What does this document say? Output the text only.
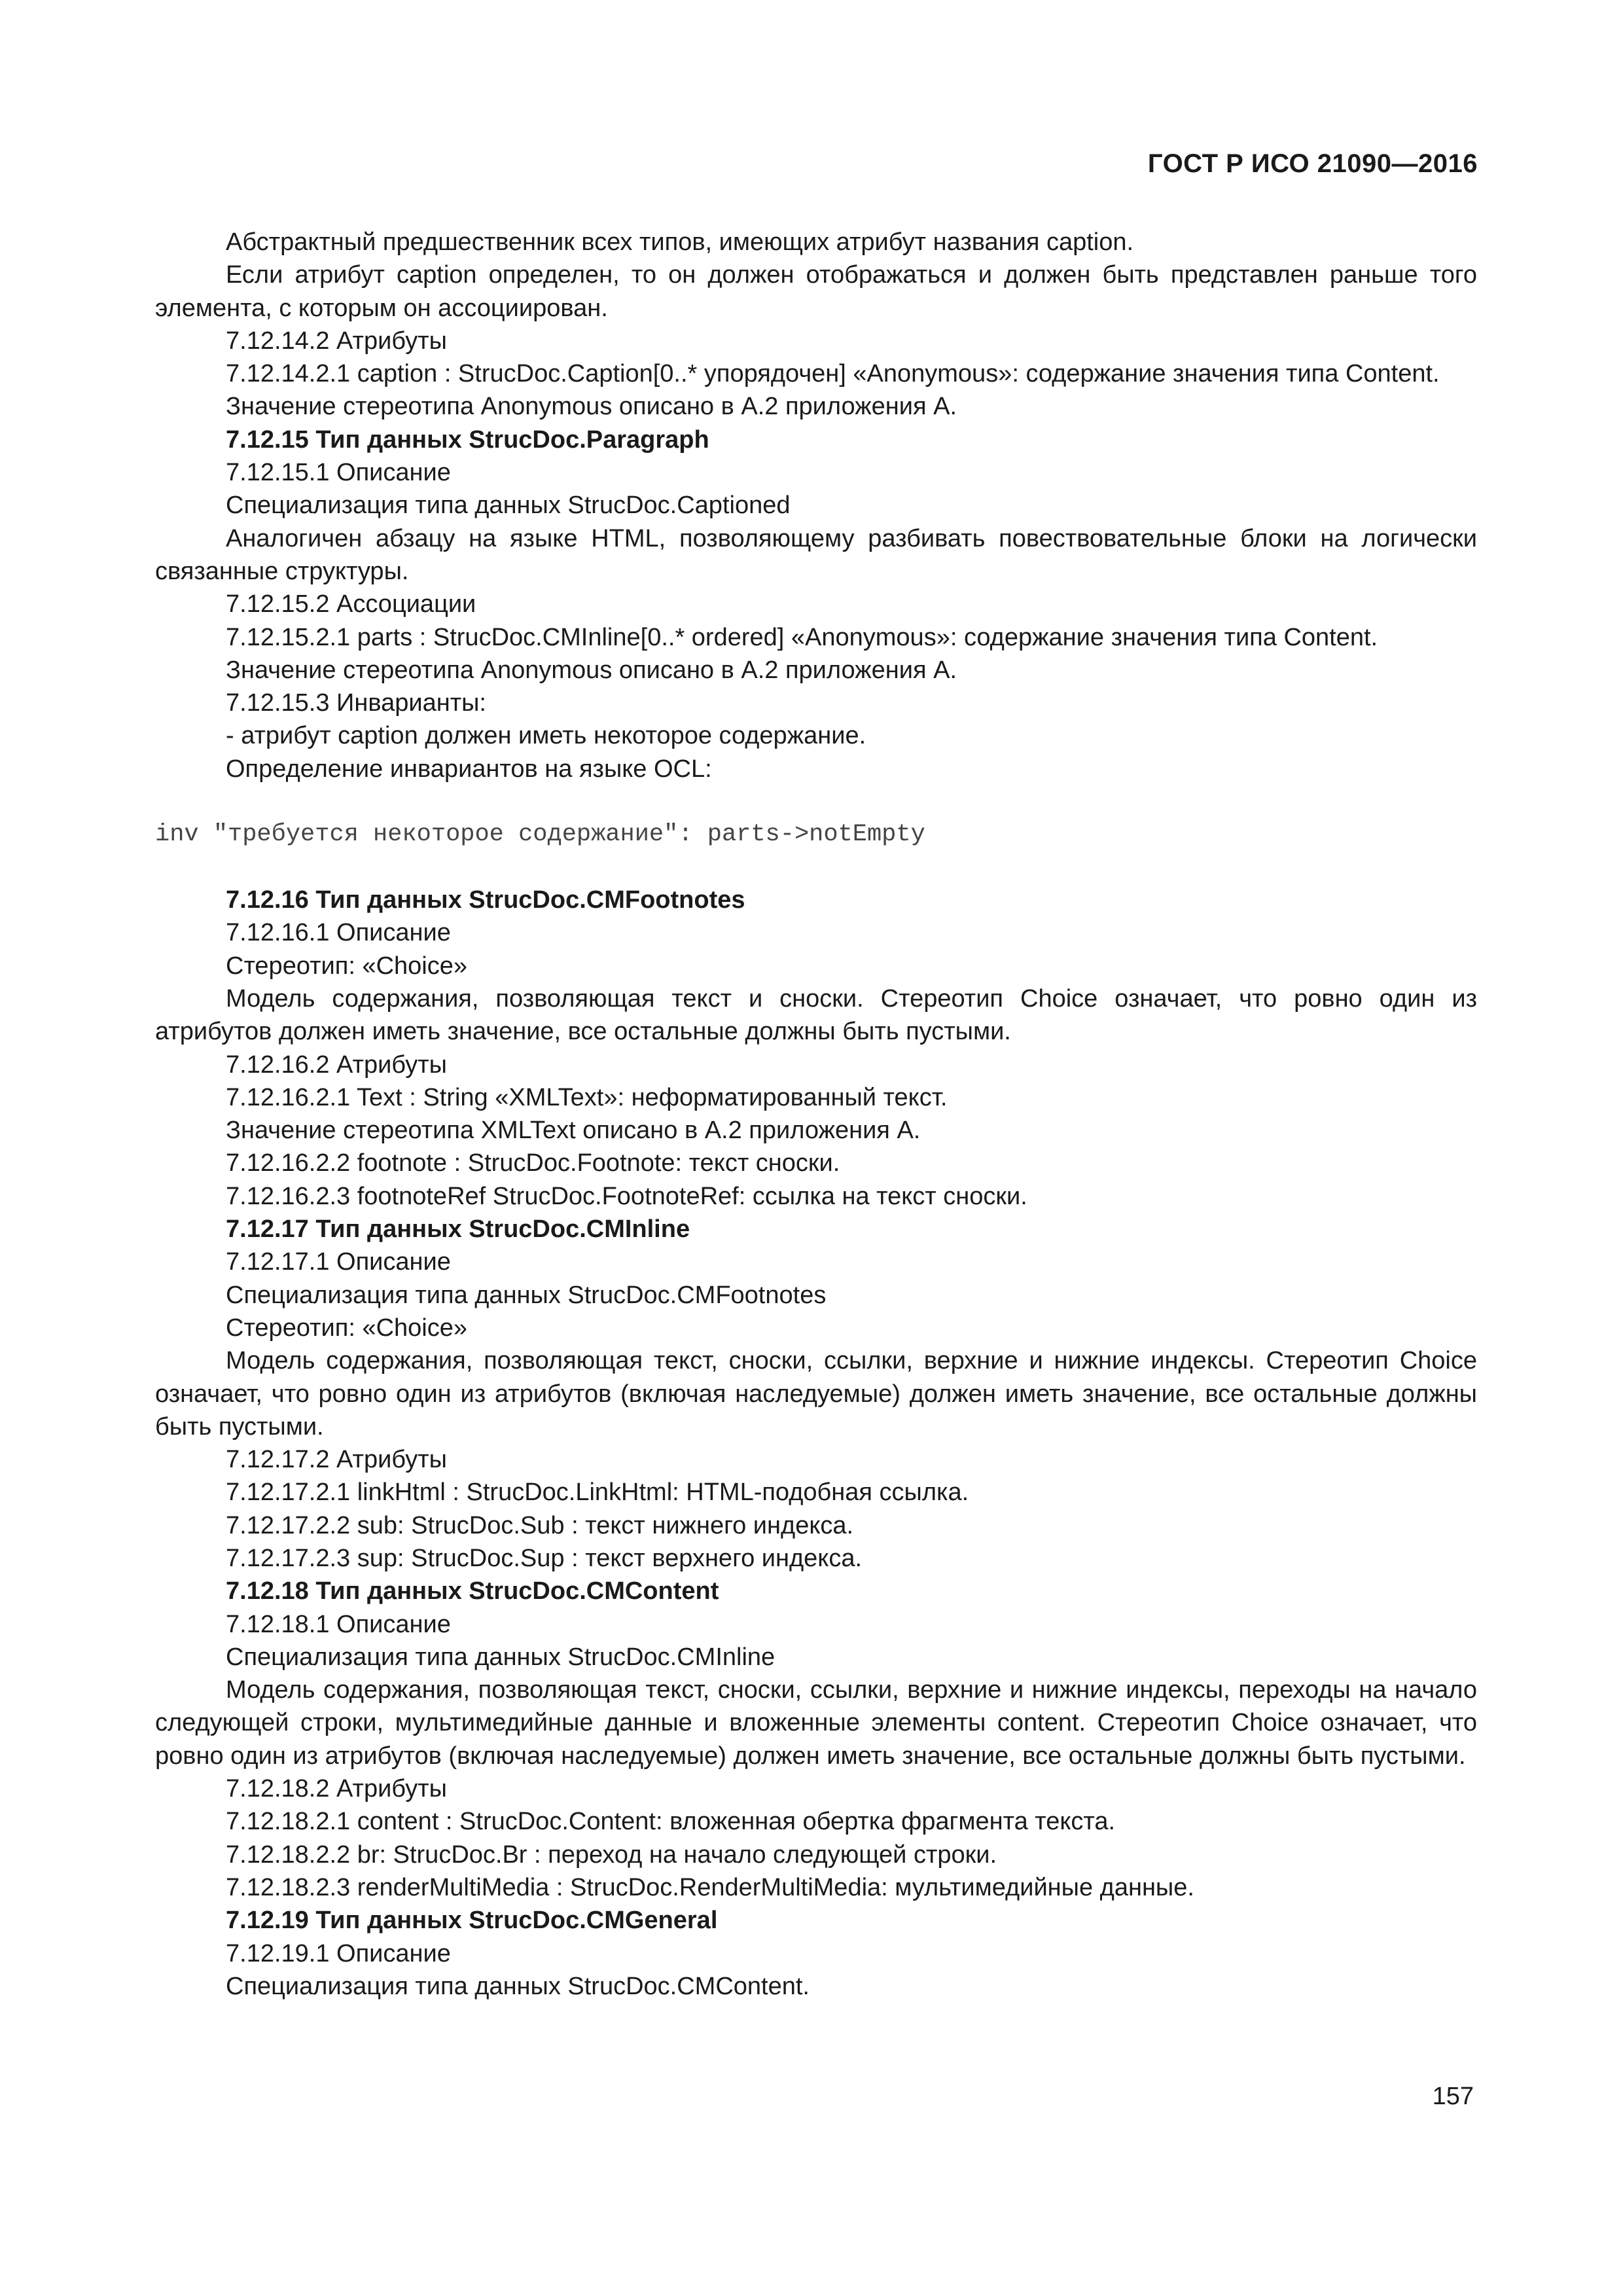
ГОСТ Р ИСО 21090—2016

Абстрактный предшественник всех типов, имеющих атрибут названия caption.

Если атрибут caption определен, то он должен отображаться и должен быть представлен раньше того элемента, с которым он ассоциирован.

7.12.14.2 Атрибуты

7.12.14.2.1 caption : StrucDoc.Caption[0..* упорядочен] «Anonymous»: содержание значения типа Content.

Значение стереотипа Anonymous описано в А.2 приложения А.

7.12.15 Тип данных StrucDoc.Paragraph

7.12.15.1 Описание

Специализация типа данных StrucDoc.Captioned

Аналогичен абзацу на языке HTML, позволяющему разбивать повествовательные блоки на логически связанные структуры.

7.12.15.2 Ассоциации

7.12.15.2.1 parts : StrucDoc.CMInline[0..* ordered] «Anonymous»: содержание значения типа Content.

Значение стереотипа Anonymous описано в А.2 приложения А.

7.12.15.3 Инварианты:

- атрибут caption должен иметь некоторое содержание.

Определение инвариантов на языке OCL:

inv "требуется некоторое содержание": parts->notEmpty

7.12.16 Тип данных StrucDoc.CMFootnotes

7.12.16.1 Описание

Стереотип: «Choice»

Модель содержания, позволяющая текст и сноски. Стереотип Choice означает, что ровно один из атрибутов должен иметь значение, все остальные должны быть пустыми.

7.12.16.2 Атрибуты

7.12.16.2.1 Text : String «XMLText»: неформатированный текст.

Значение стереотипа XMLText описано в А.2 приложения А.

7.12.16.2.2 footnote : StrucDoc.Footnote: текст сноски.

7.12.16.2.3 footnoteRef StrucDoc.FootnoteRef: ссылка на текст сноски.

7.12.17 Тип данных StrucDoc.CMInline

7.12.17.1 Описание

Специализация типа данных StrucDoc.CMFootnotes

Стереотип: «Choice»

Модель содержания, позволяющая текст, сноски, ссылки, верхние и нижние индексы. Стереотип Choice означает, что ровно один из атрибутов (включая наследуемые) должен иметь значение, все остальные должны быть пустыми.

7.12.17.2 Атрибуты

7.12.17.2.1 linkHtml : StrucDoc.LinkHtml: HTML-подобная ссылка.

7.12.17.2.2 sub: StrucDoc.Sub : текст нижнего индекса.

7.12.17.2.3 sup: StrucDoc.Sup : текст верхнего индекса.

7.12.18 Тип данных StrucDoc.CMContent

7.12.18.1 Описание

Специализация типа данных StrucDoc.CMInline

Модель содержания, позволяющая текст, сноски, ссылки, верхние и нижние индексы, переходы на начало следующей строки, мультимедийные данные и вложенные элементы content. Стереотип Choice означает, что ровно один из атрибутов (включая наследуемые) должен иметь значение, все остальные должны быть пустыми.

7.12.18.2 Атрибуты

7.12.18.2.1 content : StrucDoc.Content: вложенная обертка фрагмента текста.

7.12.18.2.2 br: StrucDoc.Br : переход на начало следующей строки.

7.12.18.2.3 renderMultiMedia : StrucDoc.RenderMultiMedia: мультимедийные данные.

7.12.19 Тип данных StrucDoc.CMGeneral

7.12.19.1 Описание

Специализация типа данных StrucDoc.CMContent.

157
